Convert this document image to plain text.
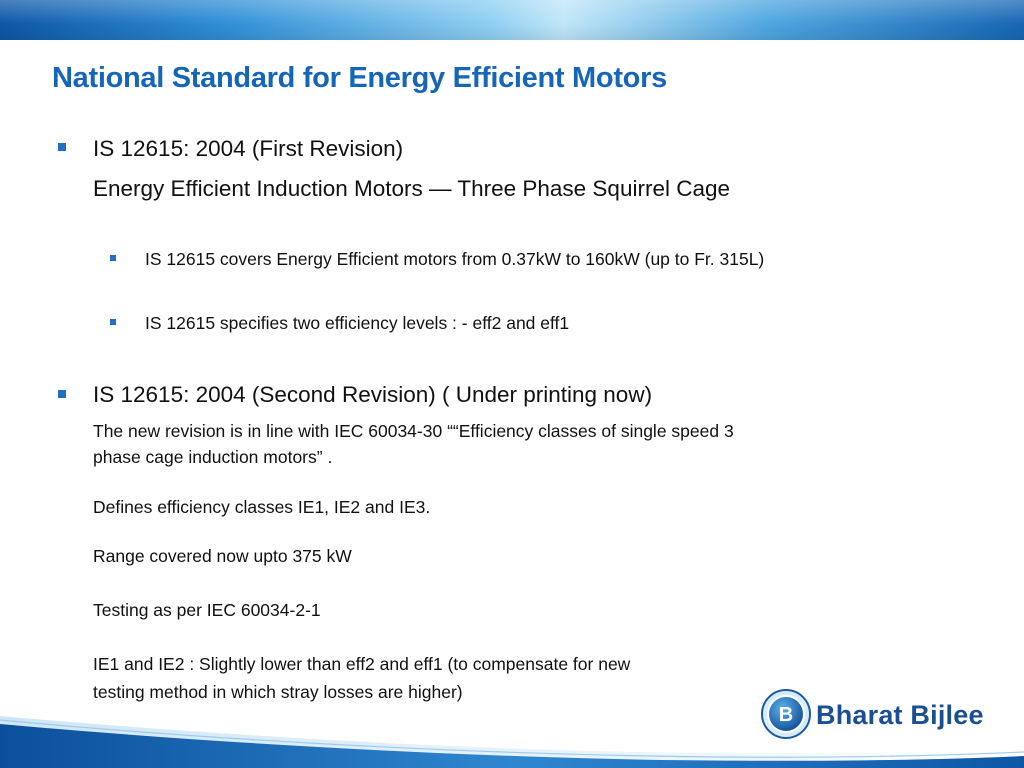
National Standard for Energy Efficient Motors
IS 12615: 2004 (First Revision)
Energy Efficient Induction Motors — Three Phase Squirrel Cage
IS 12615 covers Energy Efficient motors from 0.37kW to 160kW (up to Fr. 315L)
IS 12615 specifies two efficiency levels : - eff2 and eff1
IS 12615: 2004 (Second Revision) ( Under printing now)
The new revision is in line with IEC 60034-30 ““Efficiency classes of single speed 3
phase cage induction motors” .
Defines efficiency classes IE1, IE2 and IE3.
Range covered now upto 375 kW
Testing as per IEC 60034-2-1
IE1 and IE2 : Slightly lower than eff2 and eff1 (to compensate for new
testing method in which stray losses are higher)
B Bharat Bijlee
